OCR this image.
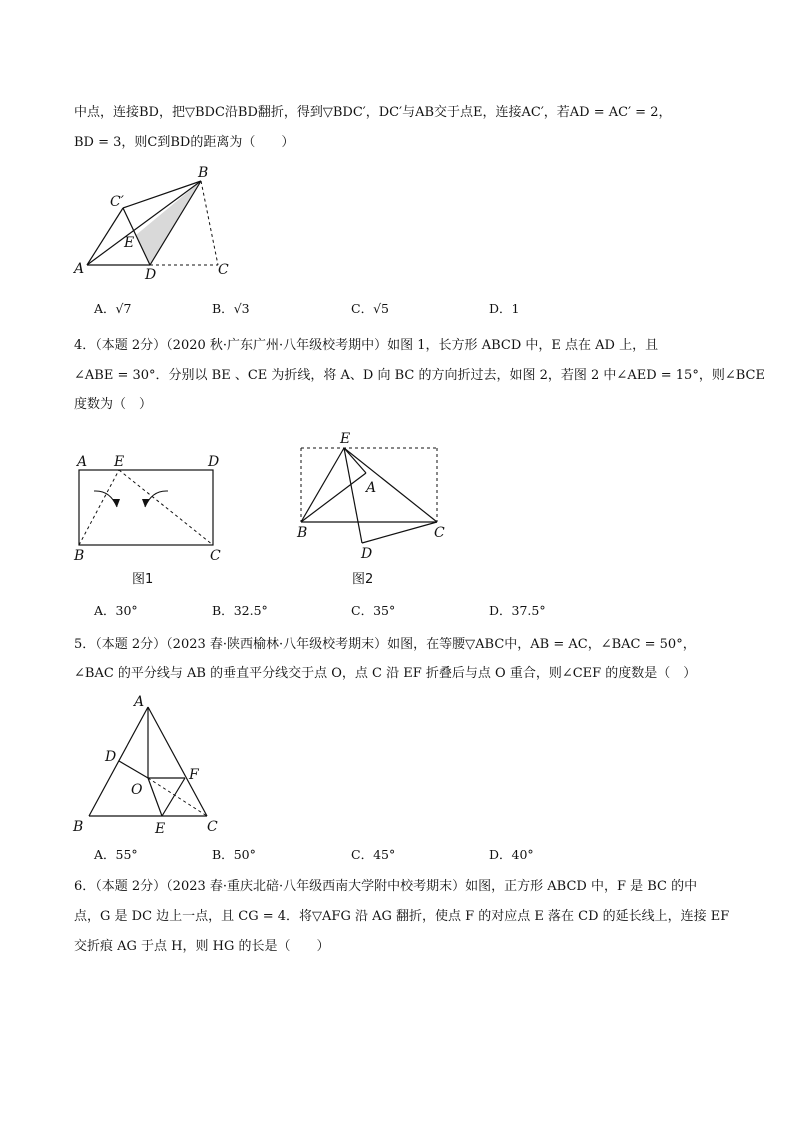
中点，连接BD，把▽BDC沿BD翻折，得到▽BDC′，DC′与AB交于点E，连接AC′，若AD = AC′ = 2，
BD = 3，则C到BD的距离为（　　）
A
B
C
D
E
C′
A．√7	B．√3	C．√5	D．1
4．（本题 2分）（2020 秋·广东广州·八年级校考期中）如图 1，长方形 ABCD 中，E 点在 AD 上，且
∠ABE = 30°．分别以 BE 、CE 为折线，将 A、D 向 BC 的方向折过去，如图 2，若图 2 中∠AED = 15°，则∠BCE
度数为（　）
A E	D
B	C
图1
E
A
B	C
D
图2
A．30°	B．32.5°	C．35°	D．37.5°
5．（本题 2分）（2023 春·陕西榆林·八年级校考期末）如图，在等腰▽ABC中，AB = AC，∠BAC = 50°，
∠BAC 的平分线与 AB 的垂直平分线交于点 O，点 C 沿 EF 折叠后与点 O 重合，则∠CEF 的度数是（　）
A
D
F
O
B	E	C
A．55°	B．50°	C．45°	D．40°
6．（本题 2分）（2023 春·重庆北碚·八年级西南大学附中校考期末）如图，正方形 ABCD 中，F 是 BC 的中
点，G 是 DC 边上一点，且 CG = 4．将▽AFG 沿 AG 翻折，使点 F 的对应点 E 落在 CD 的延长线上，连接 EF
交折痕 AG 于点 H，则 HG 的长是（　　）
